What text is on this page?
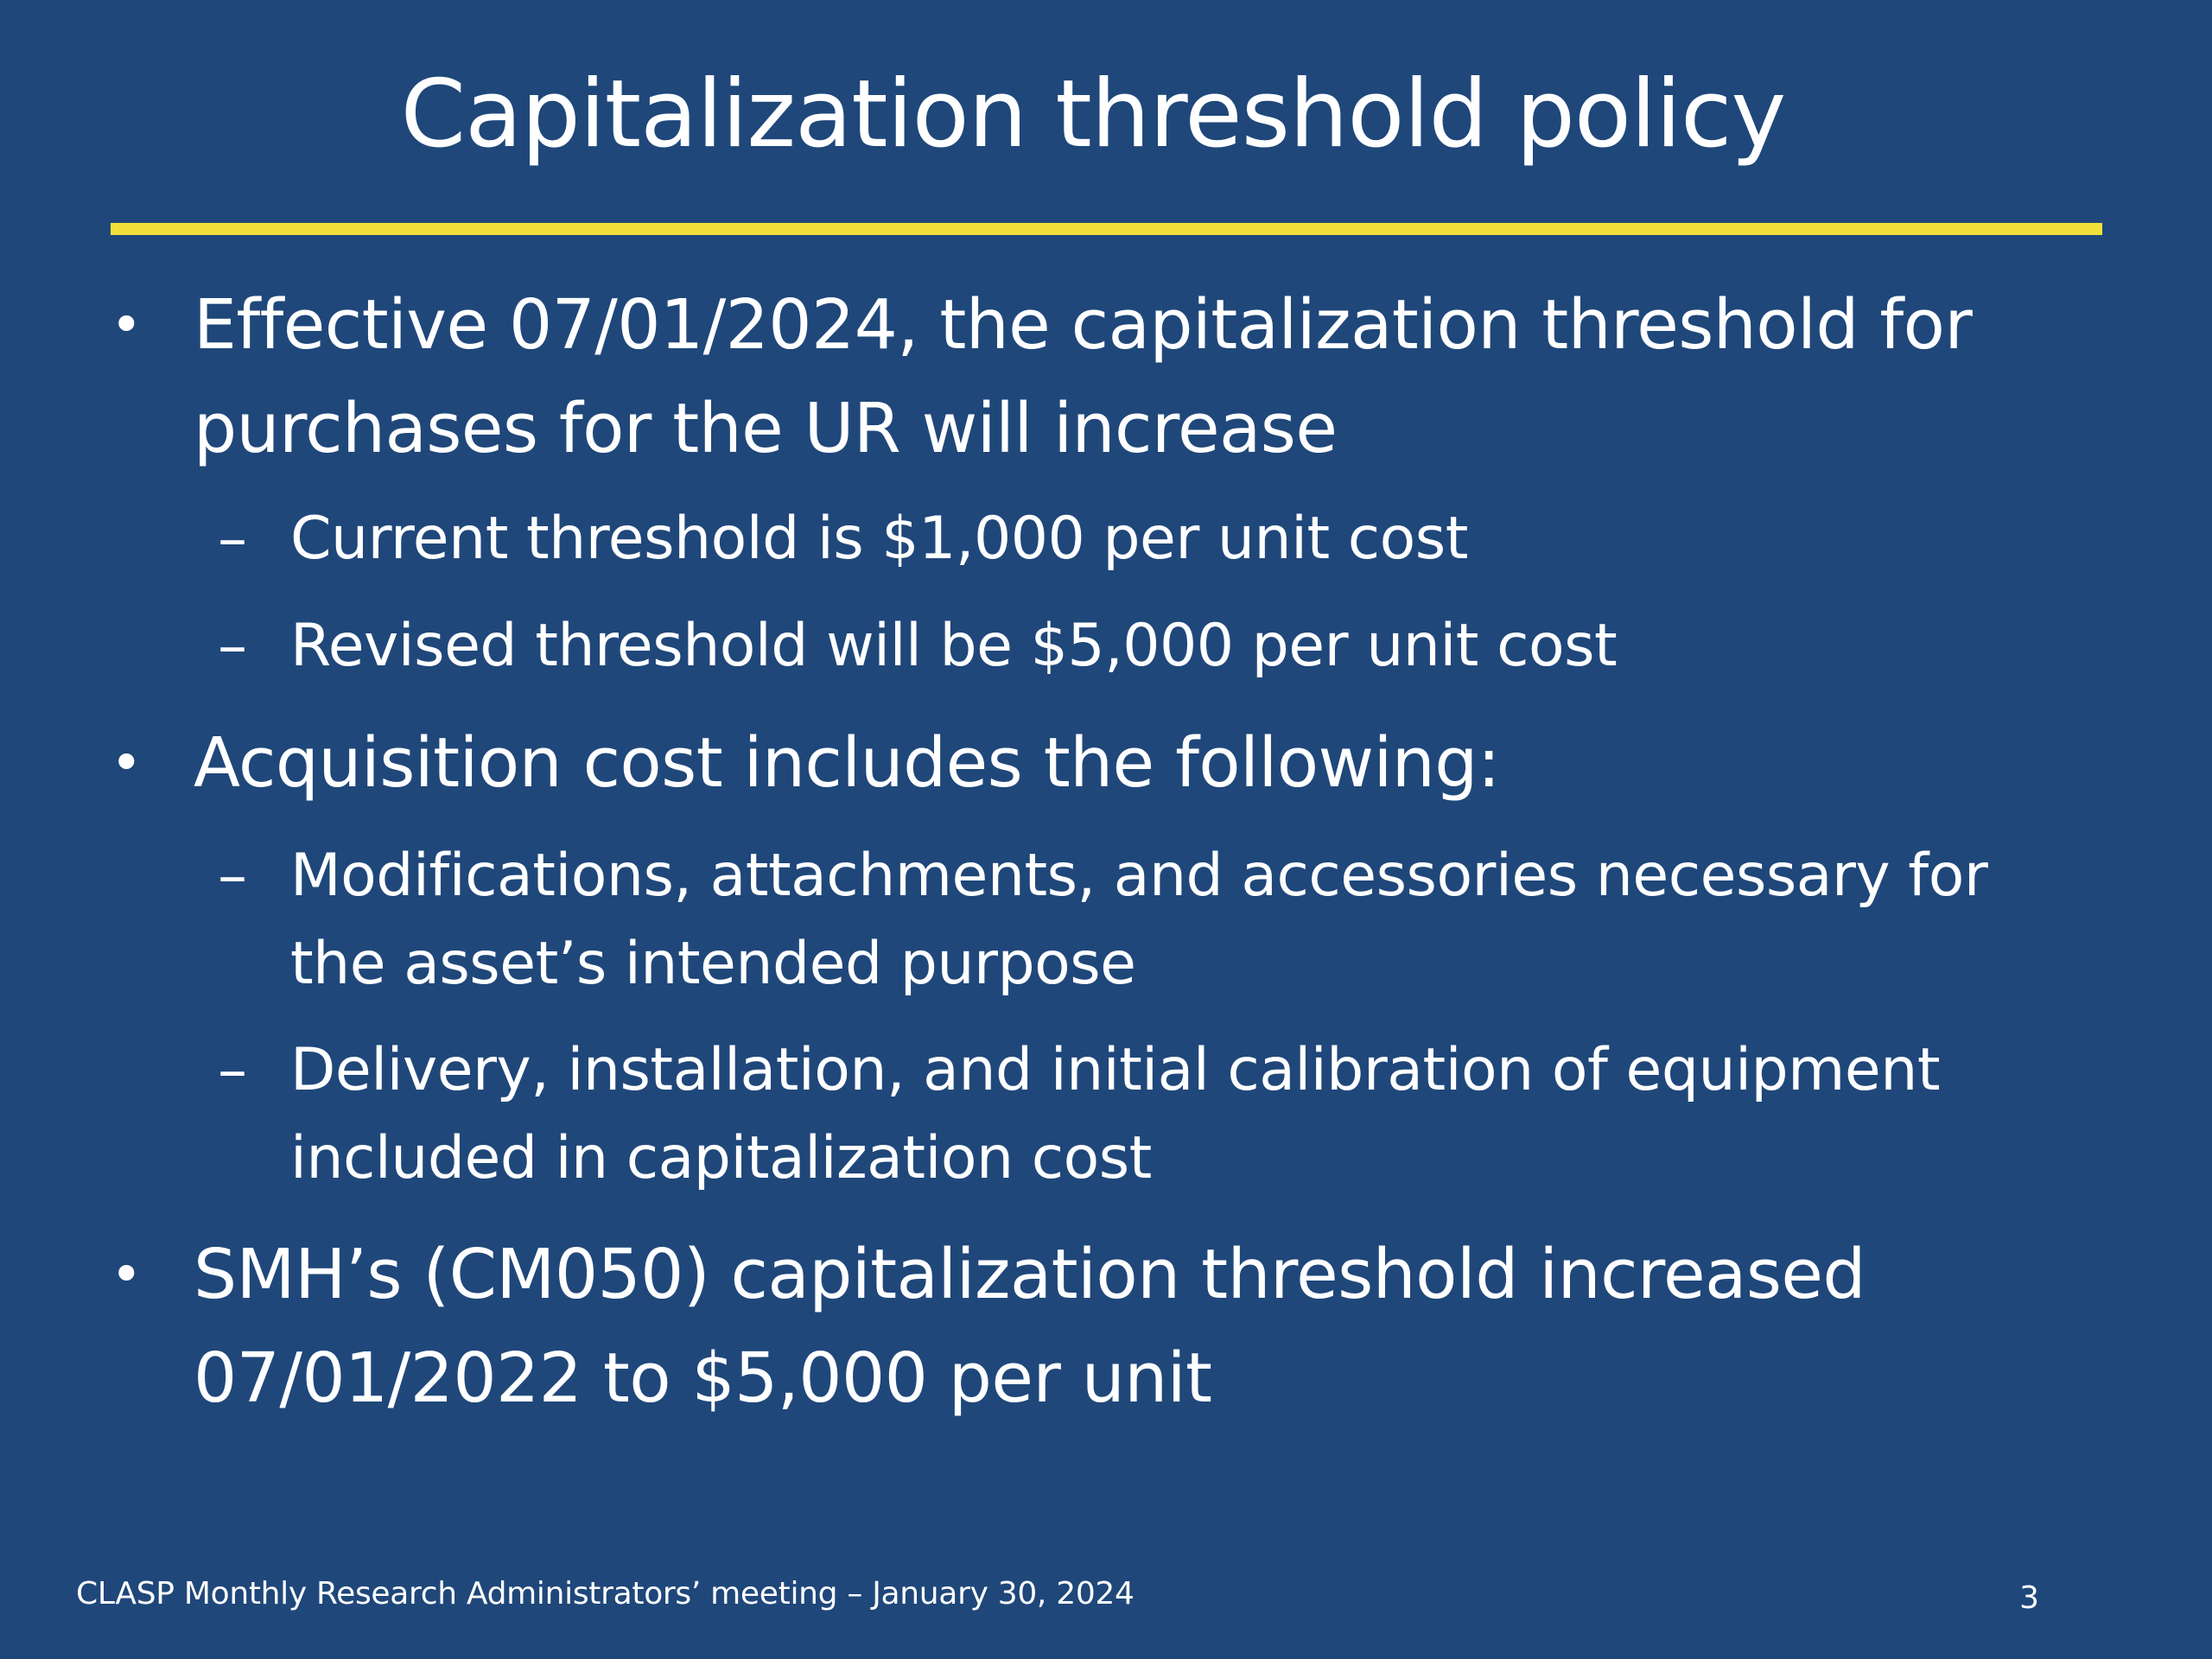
Capitalization threshold policy
• Effective 07/01/2024, the capitalization threshold for
purchases for the UR will increase
– Current threshold is $1,000 per unit cost
– Revised threshold will be $5,000 per unit cost
• Acquisition cost includes the following:
– Modifications, attachments, and accessories necessary for
the asset’s intended purpose
– Delivery, installation, and initial calibration of equipment
included in capitalization cost
• SMH’s (CM050) capitalization threshold increased
07/01/2022 to $5,000 per unit
CLASP Monthly Research Administrators’ meeting – January 30, 2024	3
